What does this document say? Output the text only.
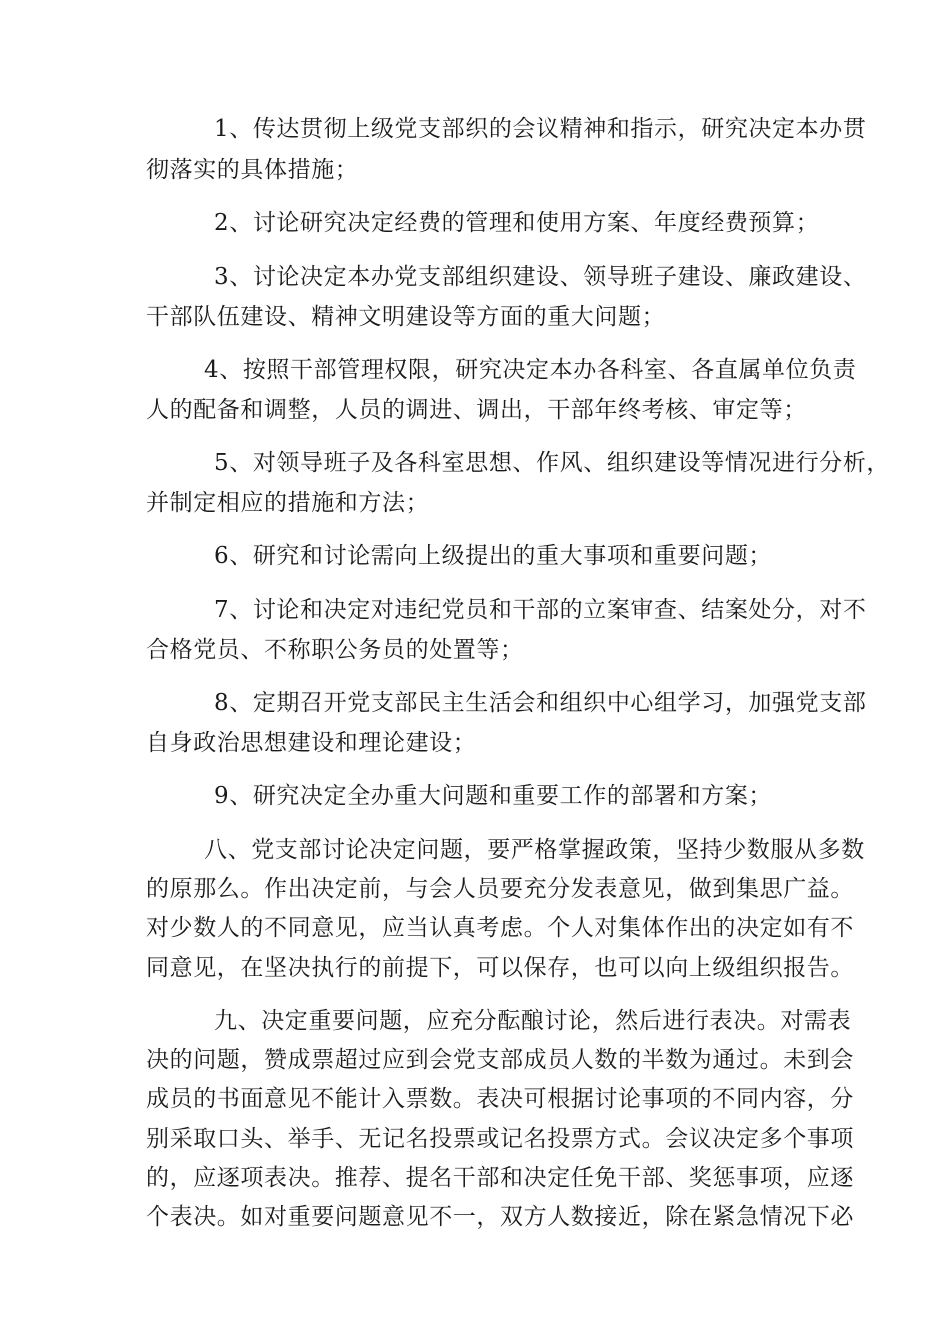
1、传达贯彻上级党支部织的会议精神和指示，研究决定本办贯
彻落实的具体措施；
2、讨论研究决定经费的管理和使用方案、年度经费预算；
3、讨论决定本办党支部组织建设、领导班子建设、廉政建设、
干部队伍建设、精神文明建设等方面的重大问题；
4、按照干部管理权限，研究决定本办各科室、各直属单位负责
人的配备和调整，人员的调进、调出，干部年终考核、审定等；
5、对领导班子及各科室思想、作风、组织建设等情况进行分析，
并制定相应的措施和方法；
6、研究和讨论需向上级提出的重大事项和重要问题；
7、讨论和决定对违纪党员和干部的立案审查、结案处分，对不
合格党员、不称职公务员的处置等；
8、定期召开党支部民主生活会和组织中心组学习，加强党支部
自身政治思想建设和理论建设；
9、研究决定全办重大问题和重要工作的部署和方案；
八、党支部讨论决定问题，要严格掌握政策，坚持少数服从多数
的原那么。作出决定前，与会人员要充分发表意见，做到集思广益。
对少数人的不同意见，应当认真考虑。个人对集体作出的决定如有不
同意见，在坚决执行的前提下，可以保存，也可以向上级组织报告。
九、决定重要问题，应充分酝酿讨论，然后进行表决。对需表
决的问题，赞成票超过应到会党支部成员人数的半数为通过。未到会
成员的书面意见不能计入票数。表决可根据讨论事项的不同内容，分
别采取口头、举手、无记名投票或记名投票方式。会议决定多个事项
的，应逐项表决。推荐、提名干部和决定任免干部、奖惩事项，应逐
个表决。如对重要问题意见不一，双方人数接近，除在紧急情况下必
